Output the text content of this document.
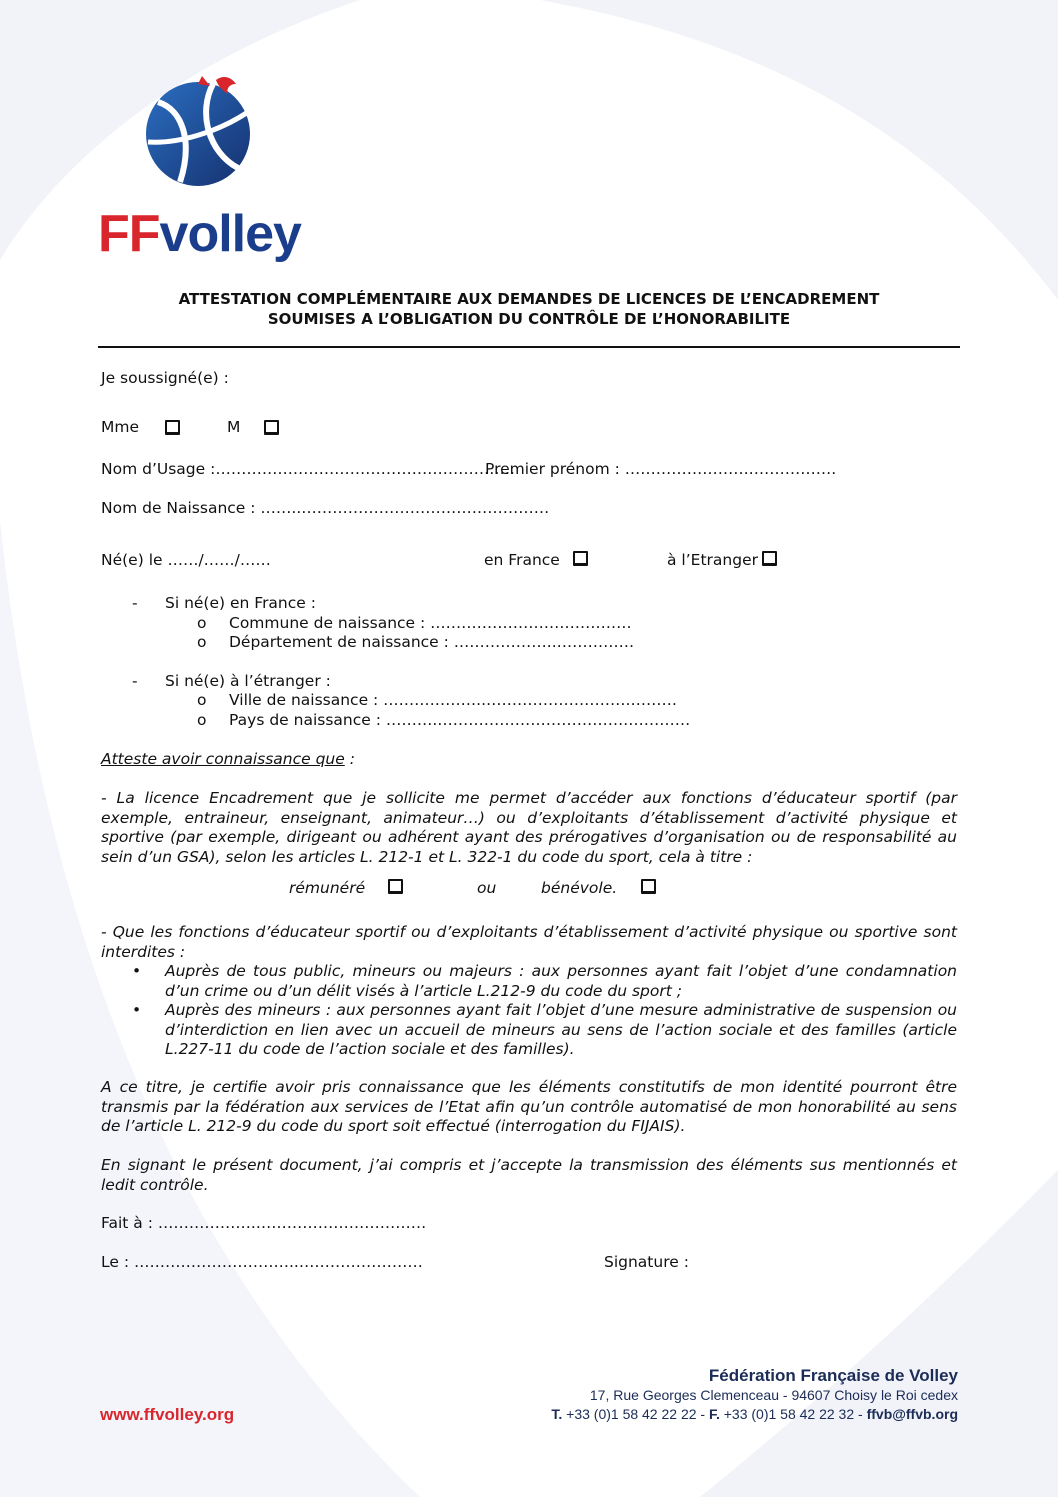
FFvolley
ATTESTATION COMPLÉMENTAIRE AUX DEMANDES DE LICENCES DE L’ENCADREMENT
SOUMISES A L’OBLIGATION DU CONTRÔLE DE L’HONORABILITE
Je soussigné(e) :
Mme	M
Nom d’Usage :………………………………………………….
Premier prénom : …………………….…………….
Nom de Naissance : ……..…………………………………………
Né(e) le ……/……/……	en France	à l’Etranger
- Si né(e) en France :
o Commune de naissance : …………………………………
o Département de naissance : ………………..……………
- Si né(e) à l’étranger :
o Ville de naissance : ………………..……………………….………
o Pays de naissance : ……….……………………………….…………
Atteste avoir connaissance que :
- La licence Encadrement que je sollicite me permet d’accéder aux fonctions d’éducateur sportif (par exemple, entraineur, enseignant, animateur…) ou d’exploitants d’établissement d’activité physique et sportive (par exemple, dirigeant ou adhérent ayant des prérogatives d’organisation ou de responsabilité au sein d’un GSA), selon les articles L. 212-1 et L. 322-1 du code du sport, cela à titre :
rémunéré	ou	bénévole.
- Que les fonctions d’éducateur sportif ou d’exploitants d’établissement d’activité physique ou sportive sont interdites :
• Auprès de tous public, mineurs ou majeurs : aux personnes ayant fait l’objet d’une condamnation d’un crime ou d’un délit visés à l’article L.212-9 du code du sport ;
• Auprès des mineurs : aux personnes ayant fait l’objet d’une mesure administrative de suspension ou d’interdiction en lien avec un accueil de mineurs au sens de l’action sociale et des familles (article L.227-11 du code de l’action sociale et des familles).
A ce titre, je certifie avoir pris connaissance que les éléments constitutifs de mon identité pourront être transmis par la fédération aux services de l’Etat afin qu’un contrôle automatisé de mon honorabilité au sens de l’article L. 212-9 du code du sport soit effectué (interrogation du FIJAIS).
En signant le présent document, j’ai compris et j’accepte la transmission des éléments sus mentionnés et ledit contrôle.
Fait à : ……………….……………………………
Le : …………………………..……………………	Signature :
www.ffvolley.org
Fédération Française de Volley
17, Rue Georges Clemenceau - 94607 Choisy le Roi cedex
T. +33 (0)1 58 42 22 22 - F. +33 (0)1 58 42 22 32 - ffvb@ffvb.org
